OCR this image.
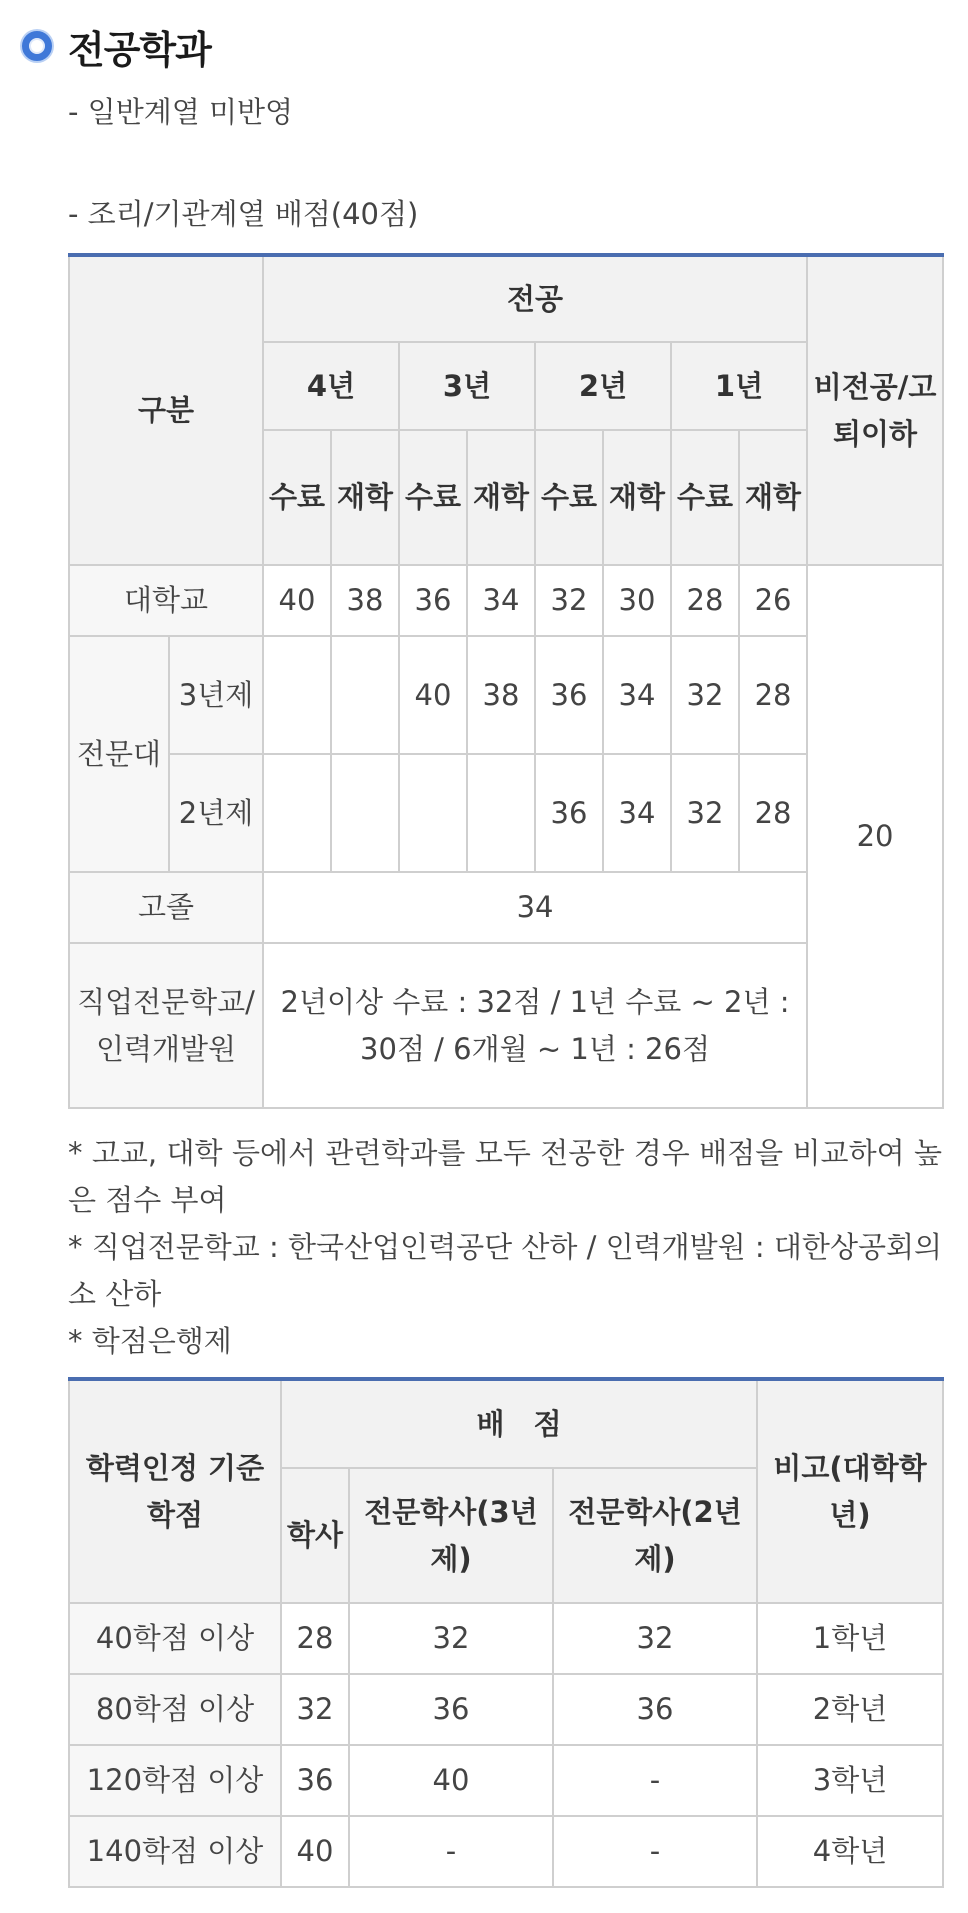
전공학과
- 일반계열 미반영
- 조리/기관계열 배점(40점)
구분		전공								비전공/고퇴이하
		4년		3년		2년		1년		
		수료	재학	수료	재학	수료	재학	수료	재학	
대학교		40	38	36	34	32	30	28	26	20
전문대	3년제			40	38	36	34	32	28	
	2년제					36	34	32	28	
고졸		34								
직업전문학교/인력개발원		2년이상 수료 : 32점 / 1년 수료 ~ 2년 : 30점 / 6개월 ~ 1년 : 26점								
* 고교, 대학 등에서 관련학과를 모두 전공한 경우 배점을 비교하여 높은 점수 부여
* 직업전문학교 : 한국산업인력공단 산하 / 인력개발원 : 대한상공회의소 산하
* 학점은행제
학력인정 기준 학점	배　점			비고(대학학년)
	학사	전문학사(3년제)	전문학사(2년제)	
40학점 이상	28	32	32	1학년
80학점 이상	32	36	36	2학년
120학점 이상	36	40	-	3학년
140학점 이상	40	-	-	4학년
